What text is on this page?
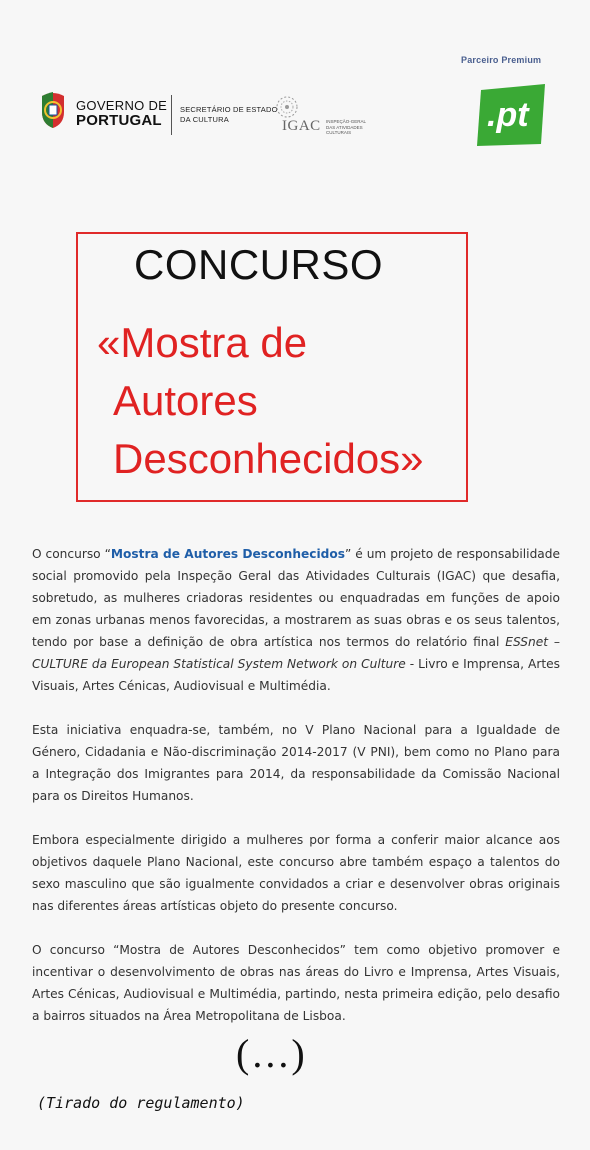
Parceiro Premium
.pt
GOVERNO DE
PORTUGAL
SECRETÁRIO DE ESTADO
DA CULTURA	IGAC INSPEÇÃO-GERAL
DAS ATIVIDADES
CULTURAIS
CONCURSO
«Mostra de
Autores
Desconhecidos»

O concurso “Mostra de Autores Desconhecidos” é um projeto de responsabilidade social promovido pela Inspeção Geral das Atividades Culturais (IGAC) que desafia, sobretudo, as mulheres criadoras residentes ou enquadradas em funções de apoio em zonas urbanas menos favorecidas, a mostrarem as suas obras e os seus talentos, tendo por base a definição de obra artística nos termos do relatório final ESSnet – CULTURE da European Statistical System Network on Culture - Livro e Imprensa, Artes Visuais, Artes Cénicas, Audiovisual e Multimédia.

Esta iniciativa enquadra-se, também, no V Plano Nacional para a Igualdade de Género, Cidadania e Não-discriminação 2014-2017 (V PNI), bem como no Plano para a Integração dos Imigrantes para 2014, da responsabilidade da Comissão Nacional para os Direitos Humanos.

Embora especialmente dirigido a mulheres por forma a conferir maior alcance aos objetivos daquele Plano Nacional, este concurso abre também espaço a talentos do sexo masculino que são igualmente convidados a criar e desenvolver obras originais nas diferentes áreas artísticas objeto do presente concurso.

O concurso “Mostra de Autores Desconhecidos” tem como objetivo promover e incentivar o desenvolvimento de obras nas áreas do Livro e Imprensa, Artes Visuais, Artes Cénicas, Audiovisual e Multimédia, partindo, nesta primeira edição, pelo desafio a bairros situados na Área Metropolitana de Lisboa.

(...)
(Tirado do regulamento)
